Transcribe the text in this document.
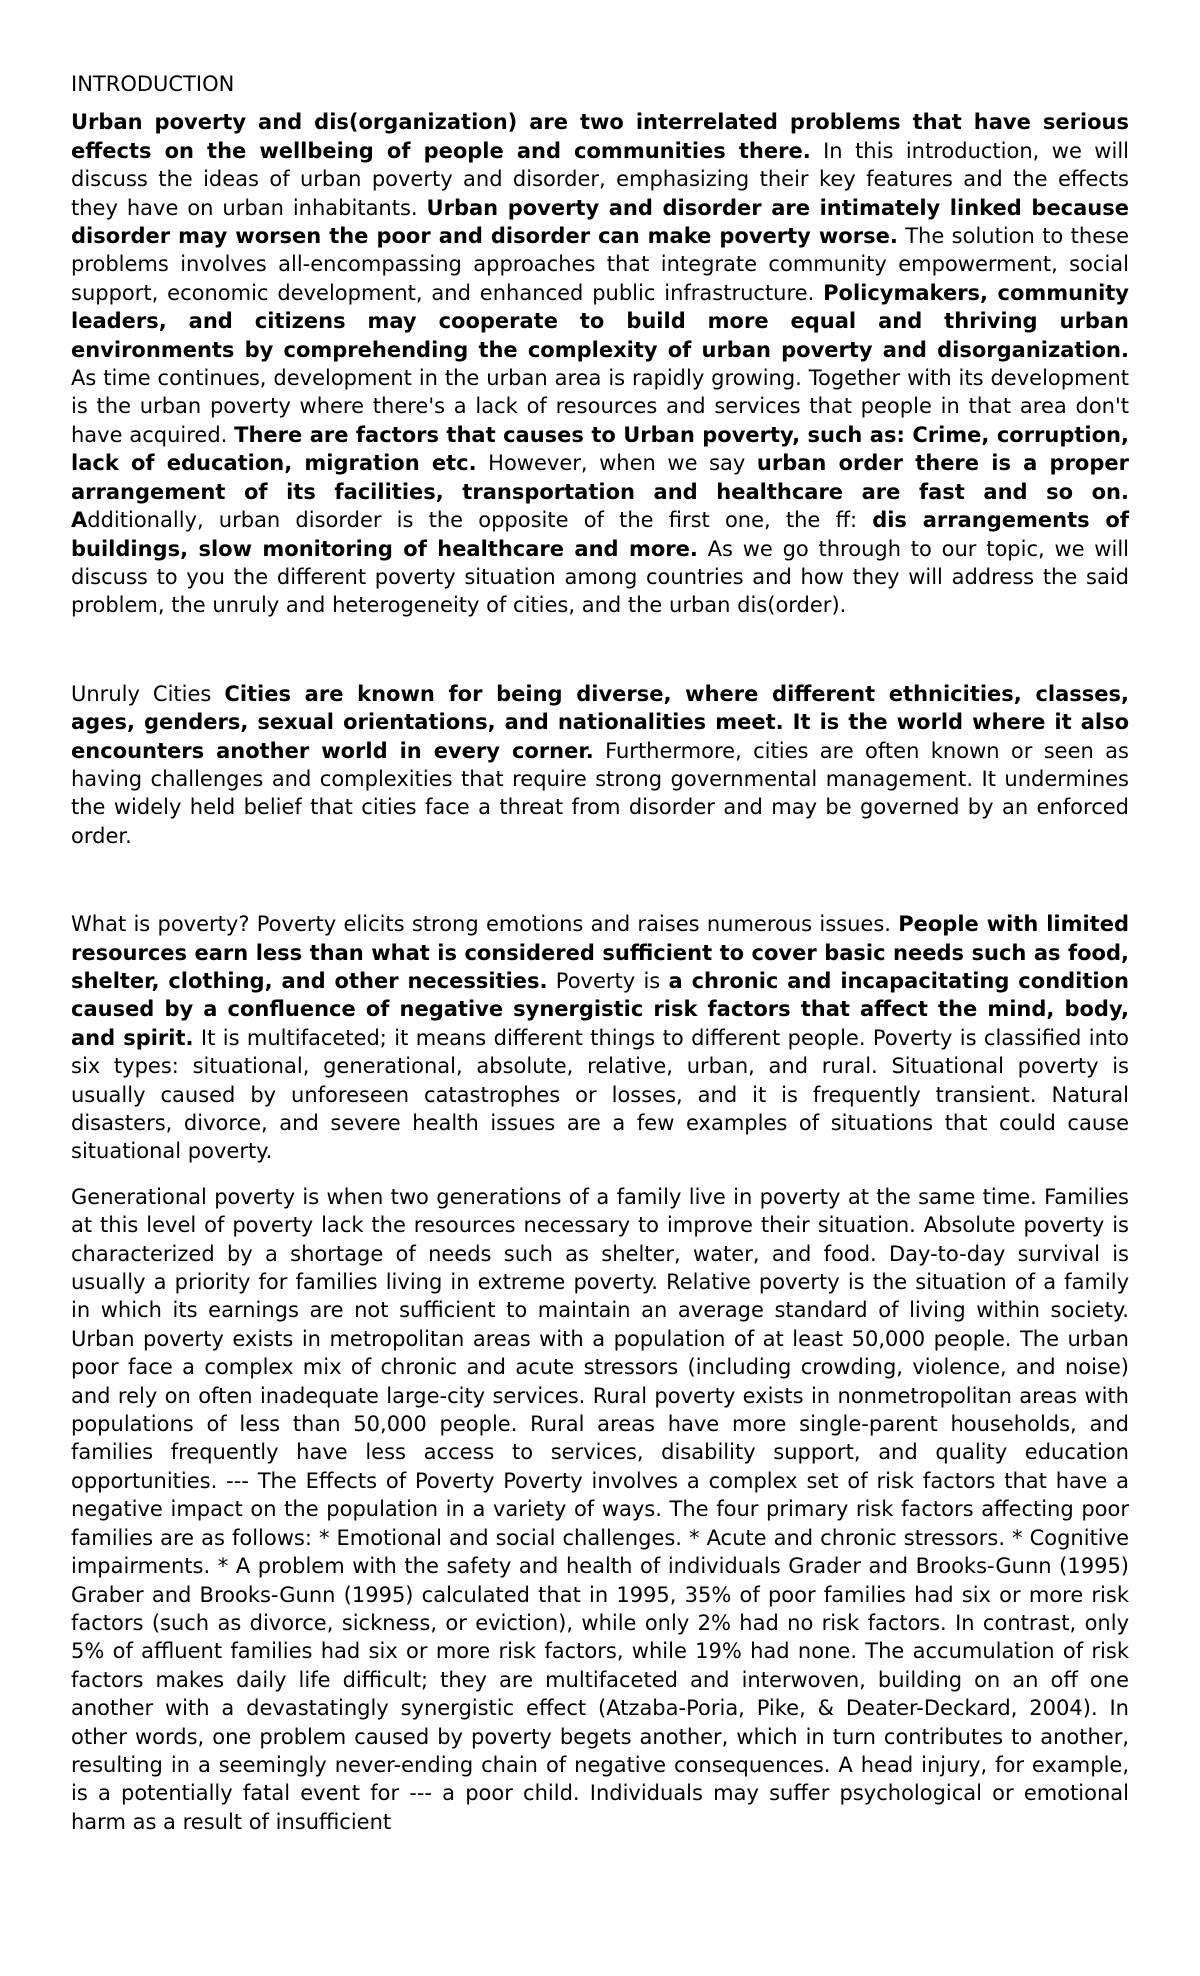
INTRODUCTION

Urban poverty and dis(organization) are two interrelated problems that have serious effects on the wellbeing of people and communities there. In this introduction, we will discuss the ideas of urban poverty and disorder, emphasizing their key features and the effects they have on urban inhabitants. Urban poverty and disorder are intimately linked because disorder may worsen the poor and disorder can make poverty worse. The solution to these problems involves all-encompassing approaches that integrate community empowerment, social support, economic development, and enhanced public infrastructure. Policymakers, community leaders, and citizens may cooperate to build more equal and thriving urban environments by comprehending the complexity of urban poverty and disorganization. As time continues, development in the urban area is rapidly growing. Together with its development is the urban poverty where there's a lack of resources and services that people in that area don't have acquired. There are factors that causes to Urban poverty, such as: Crime, corruption, lack of education, migration etc. However, when we say urban order there is a proper arrangement of its facilities, transportation and healthcare are fast and so on. Additionally, urban disorder is the opposite of the first one, the ff: dis arrangements of buildings, slow monitoring of healthcare and more. As we go through to our topic, we will discuss to you the different poverty situation among countries and how they will address the said problem, the unruly and heterogeneity of cities, and the urban dis(order).

Unruly Cities Cities are known for being diverse, where different ethnicities, classes, ages, genders, sexual orientations, and nationalities meet. It is the world where it also encounters another world in every corner. Furthermore, cities are often known or seen as having challenges and complexities that require strong governmental management. It undermines the widely held belief that cities face a threat from disorder and may be governed by an enforced order.

What is poverty? Poverty elicits strong emotions and raises numerous issues. People with limited resources earn less than what is considered sufficient to cover basic needs such as food, shelter, clothing, and other necessities. Poverty is a chronic and incapacitating condition caused by a confluence of negative synergistic risk factors that affect the mind, body, and spirit. It is multifaceted; it means different things to different people. Poverty is classified into six types: situational, generational, absolute, relative, urban, and rural. Situational poverty is usually caused by unforeseen catastrophes or losses, and it is frequently transient. Natural disasters, divorce, and severe health issues are a few examples of situations that could cause situational poverty.

Generational poverty is when two generations of a family live in poverty at the same time. Families at this level of poverty lack the resources necessary to improve their situation. Absolute poverty is characterized by a shortage of needs such as shelter, water, and food. Day-to-day survival is usually a priority for families living in extreme poverty. Relative poverty is the situation of a family in which its earnings are not sufficient to maintain an average standard of living within society. Urban poverty exists in metropolitan areas with a population of at least 50,000 people. The urban poor face a complex mix of chronic and acute stressors (including crowding, violence, and noise) and rely on often inadequate large-city services. Rural poverty exists in nonmetropolitan areas with populations of less than 50,000 people. Rural areas have more single-parent households, and families frequently have less access to services, disability support, and quality education opportunities. --- The Effects of Poverty Poverty involves a complex set of risk factors that have a negative impact on the population in a variety of ways. The four primary risk factors affecting poor families are as follows: * Emotional and social challenges. * Acute and chronic stressors. * Cognitive impairments. * A problem with the safety and health of individuals Grader and Brooks-Gunn (1995) Graber and Brooks-Gunn (1995) calculated that in 1995, 35% of poor families had six or more risk factors (such as divorce, sickness, or eviction), while only 2% had no risk factors. In contrast, only 5% of affluent families had six or more risk factors, while 19% had none. The accumulation of risk factors makes daily life difficult; they are multifaceted and interwoven, building on an off one another with a devastatingly synergistic effect (Atzaba-Poria, Pike, & Deater-Deckard, 2004). In other words, one problem caused by poverty begets another, which in turn contributes to another, resulting in a seemingly never-ending chain of negative consequences. A head injury, for example, is a potentially fatal event for --- a poor child. Individuals may suffer psychological or emotional harm as a result of insufficient
